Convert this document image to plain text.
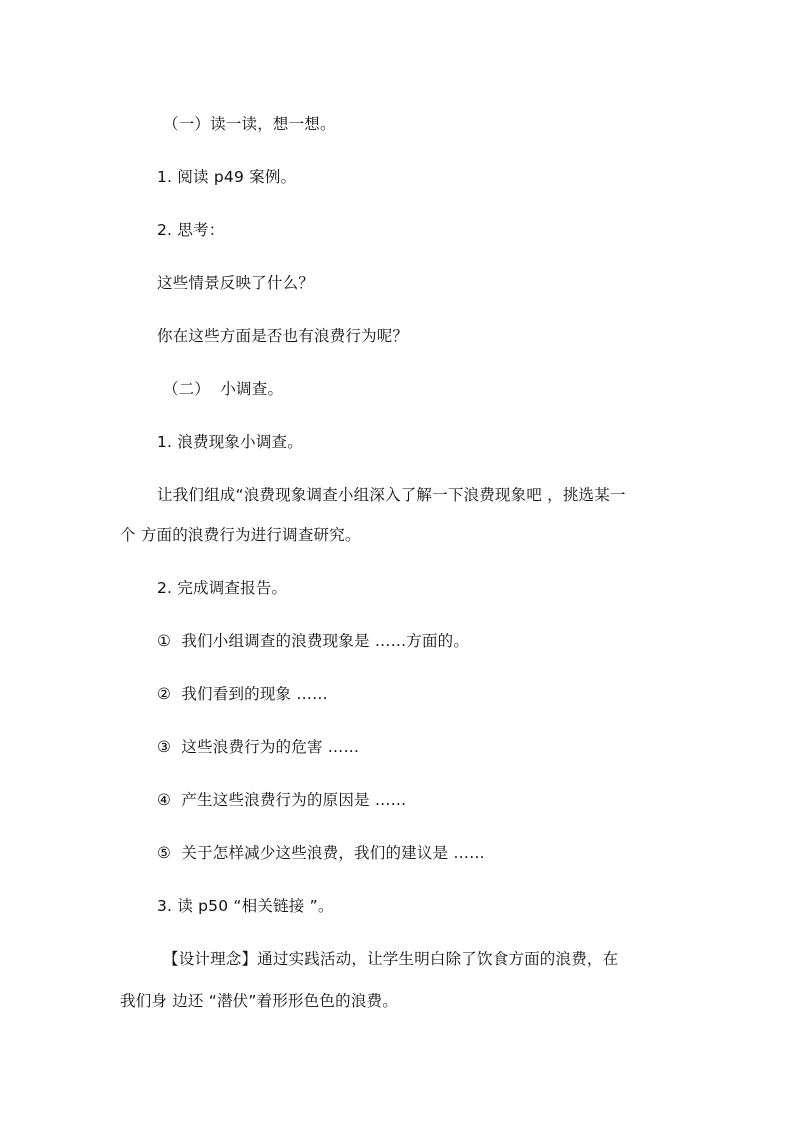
（一）读一读，想一想。
1. 阅读 p49 案例。
2. 思考：
这些情景反映了什么？
你在这些方面是否也有浪费行为呢？
（二）  小调查。
1. 浪费现象小调查。
让我们组成“浪费现象调查小组深入了解一下浪费现象吧 ，挑选某一
个 方面的浪费行为进行调查研究。
2. 完成调查报告。
①  我们小组调查的浪费现象是 ……方面的。
②  我们看到的现象 ……
③  这些浪费行为的危害 ……
④  产生这些浪费行为的原因是 ……
⑤  关于怎样减少这些浪费，我们的建议是 ……
3. 读 p50 “相关链接 ”。
【设计理念】通过实践活动，让学生明白除了饮食方面的浪费，在
我们身 边还 “潜伏”着形形色色的浪费。
